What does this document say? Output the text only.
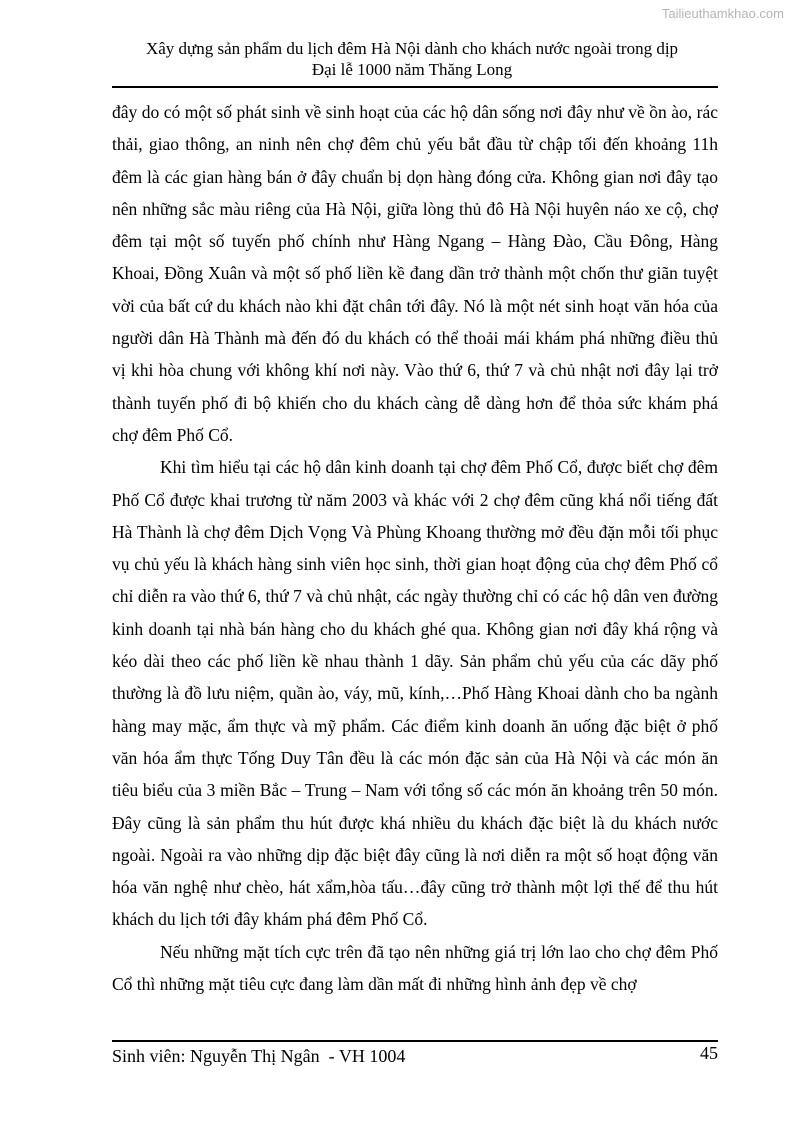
Tailieuthamkhao.com
Xây dựng sản phẩm du lịch đêm Hà Nội dành cho khách nước ngoài trong dịp
Đại lễ 1000 năm Thăng Long

đây do có một số phát sinh về sinh hoạt của các hộ dân sống nơi đây như về ồn ào, rác thải, giao thông, an ninh nên chợ đêm chủ yếu bắt đầu từ chập tối đến khoảng 11h đêm là các gian hàng bán ở đây chuẩn bị dọn hàng đóng cửa. Không gian nơi đây tạo nên những sắc màu riêng của Hà Nội, giữa lòng thủ đô Hà Nội huyên náo xe cộ, chợ đêm tại một số tuyến phố chính như Hàng Ngang – Hàng Đào, Cầu Đông, Hàng Khoai, Đồng Xuân và một số phố liền kề đang dần trở thành một chốn thư giãn tuyệt vời của bất cứ du khách nào khi đặt chân tới đây. Nó là một nét sinh hoạt văn hóa của người dân Hà Thành mà đến đó du khách có thể thoải mái khám phá những điều thủ vị khi hòa chung với không khí nơi này. Vào thứ 6, thứ 7 và chủ nhật nơi đây lại trở thành tuyến phố đi bộ khiến cho du khách càng dễ dàng hơn để thỏa sức khám phá chợ đêm Phố Cổ.

Khi tìm hiểu tại các hộ dân kinh doanh tại chợ đêm Phố Cổ, được biết chợ đêm Phố Cổ được khai trương từ năm 2003 và khác với 2 chợ đêm cũng khá nổi tiếng đất Hà Thành là chợ đêm Dịch Vọng Và Phùng Khoang thường mở đều đặn mỗi tối phục vụ chủ yếu là khách hàng sinh viên học sinh, thời gian hoạt động của chợ đêm Phố cổ chỉ diễn ra vào thứ 6, thứ 7 và chủ nhật, các ngày thường chỉ có các hộ dân ven đường kinh doanh tại nhà bán hàng cho du khách ghé qua. Không gian nơi đây khá rộng và kéo dài theo các phố liền kề nhau thành 1 dãy. Sản phẩm chủ yếu của các dãy phố thường là đồ lưu niệm, quần ào, váy, mũ, kính,…Phố Hàng Khoai dành cho ba ngành hàng may mặc, ẩm thực và mỹ phẩm. Các điểm kinh doanh ăn uống đặc biệt ở phố văn hóa ẩm thực Tống Duy Tân đều là các món đặc sản của Hà Nội và các món ăn tiêu biểu của 3 miền Bắc – Trung – Nam với tổng số các món ăn khoảng trên 50 món. Đây cũng là sản phẩm thu hút được khá nhiều du khách đặc biệt là du khách nước ngoài. Ngoài ra vào những dịp đặc biệt đây cũng là nơi diễn ra một số hoạt động văn hóa văn nghệ như chèo, hát xẩm,hòa tấu…đây cũng trở thành một lợi thế để thu hút khách du lịch tới đây khám phá đêm Phố Cổ.

Nếu những mặt tích cực trên đã tạo nên những giá trị lớn lao cho chợ đêm Phố Cổ thì những mặt tiêu cực đang làm dần mất đi những hình ảnh đẹp về chợ

Sinh viên: Nguyễn Thị Ngân  - VH 1004	45
